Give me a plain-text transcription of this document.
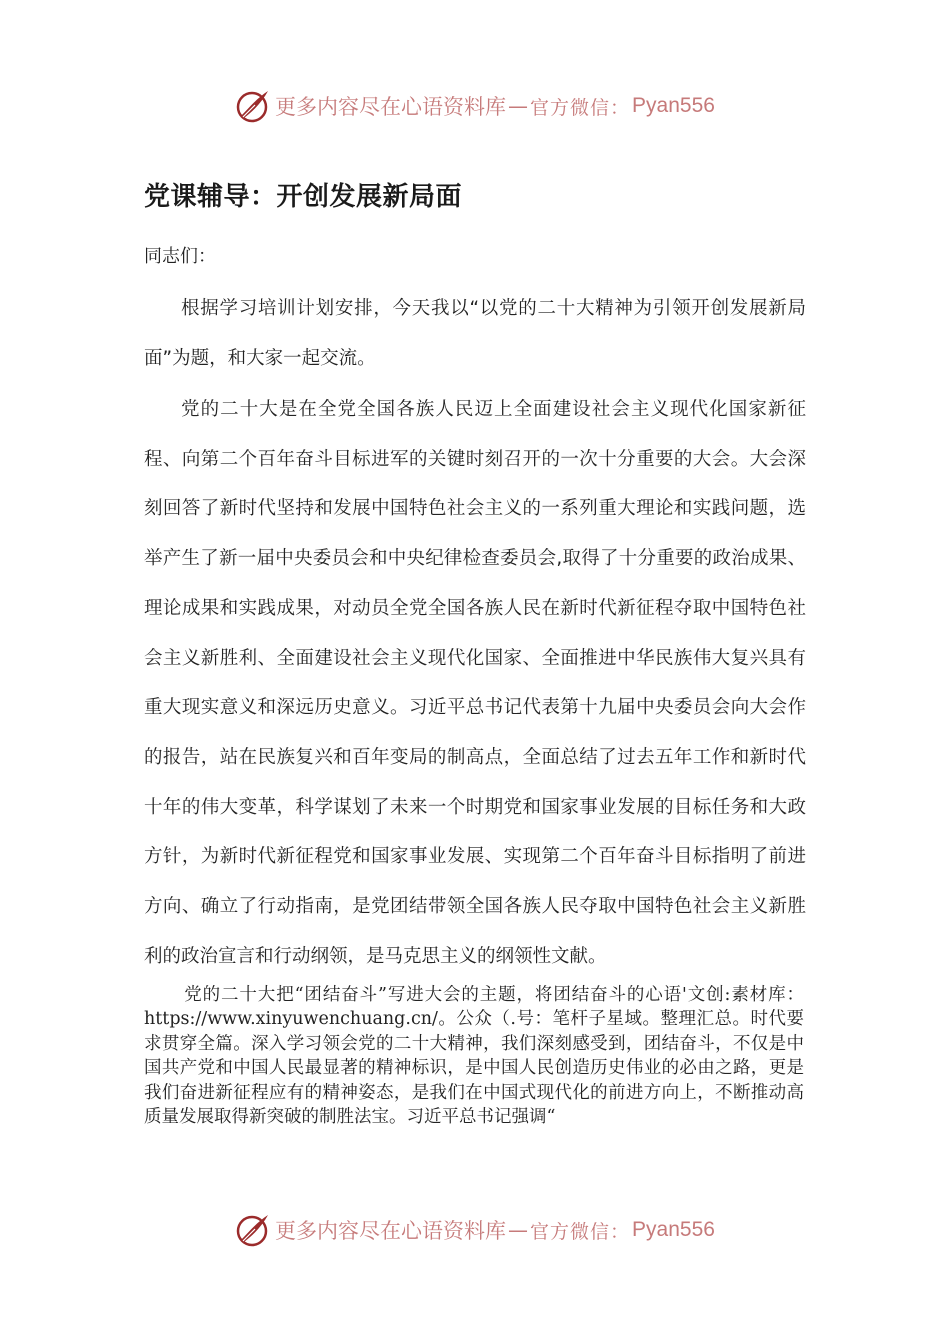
更多内容尽在心语资料库 — 官方微信： Pyan556
党课辅导：开创发展新局面

同志们：

根据学习培训计划安排，今天我以“以党的二十大精神为引领开创发展新局面”为题，和大家一起交流。

党的二十大是在全党全国各族人民迈上全面建设社会主义现代化国家新征程、向第二个百年奋斗目标进军的关键时刻召开的一次十分重要的大会。大会深刻回答了新时代坚持和发展中国特色社会主义的一系列重大理论和实践问题，选举产生了新一届中央委员会和中央纪律检查委员会,取得了十分重要的政治成果、理论成果和实践成果，对动员全党全国各族人民在新时代新征程夺取中国特色社会主义新胜利、全面建设社会主义现代化国家、全面推进中华民族伟大复兴具有重大现实意义和深远历史意义。习近平总书记代表第十九届中央委员会向大会作的报告，站在民族复兴和百年变局的制高点，全面总结了过去五年工作和新时代十年的伟大变革，科学谋划了未来一个时期党和国家事业发展的目标任务和大政方针，为新时代新征程党和国家事业发展、实现第二个百年奋斗目标指明了前进方向、确立了行动指南，是党团结带领全国各族人民夺取中国特色社会主义新胜利的政治宣言和行动纲领，是马克思主义的纲领性文献。

党的二十大把“团结奋斗”写进大会的主题，将团结奋斗的心语'文创:素材库：https://www.xinyuwenchuang.cn/。公众（.号：笔杆子星域。整理汇总。时代要求贯穿全篇。深入学习领会党的二十大精神，我们深刻感受到，团结奋斗，不仅是中国共产党和中国人民最显著的精神标识，是中国人民创造历史伟业的必由之路，更是我们奋进新征程应有的精神姿态，是我们在中国式现代化的前进方向上，不断推动高质量发展取得新突破的制胜法宝。习近平总书记强调“

更多内容尽在心语资料库 — 官方微信： Pyan556
